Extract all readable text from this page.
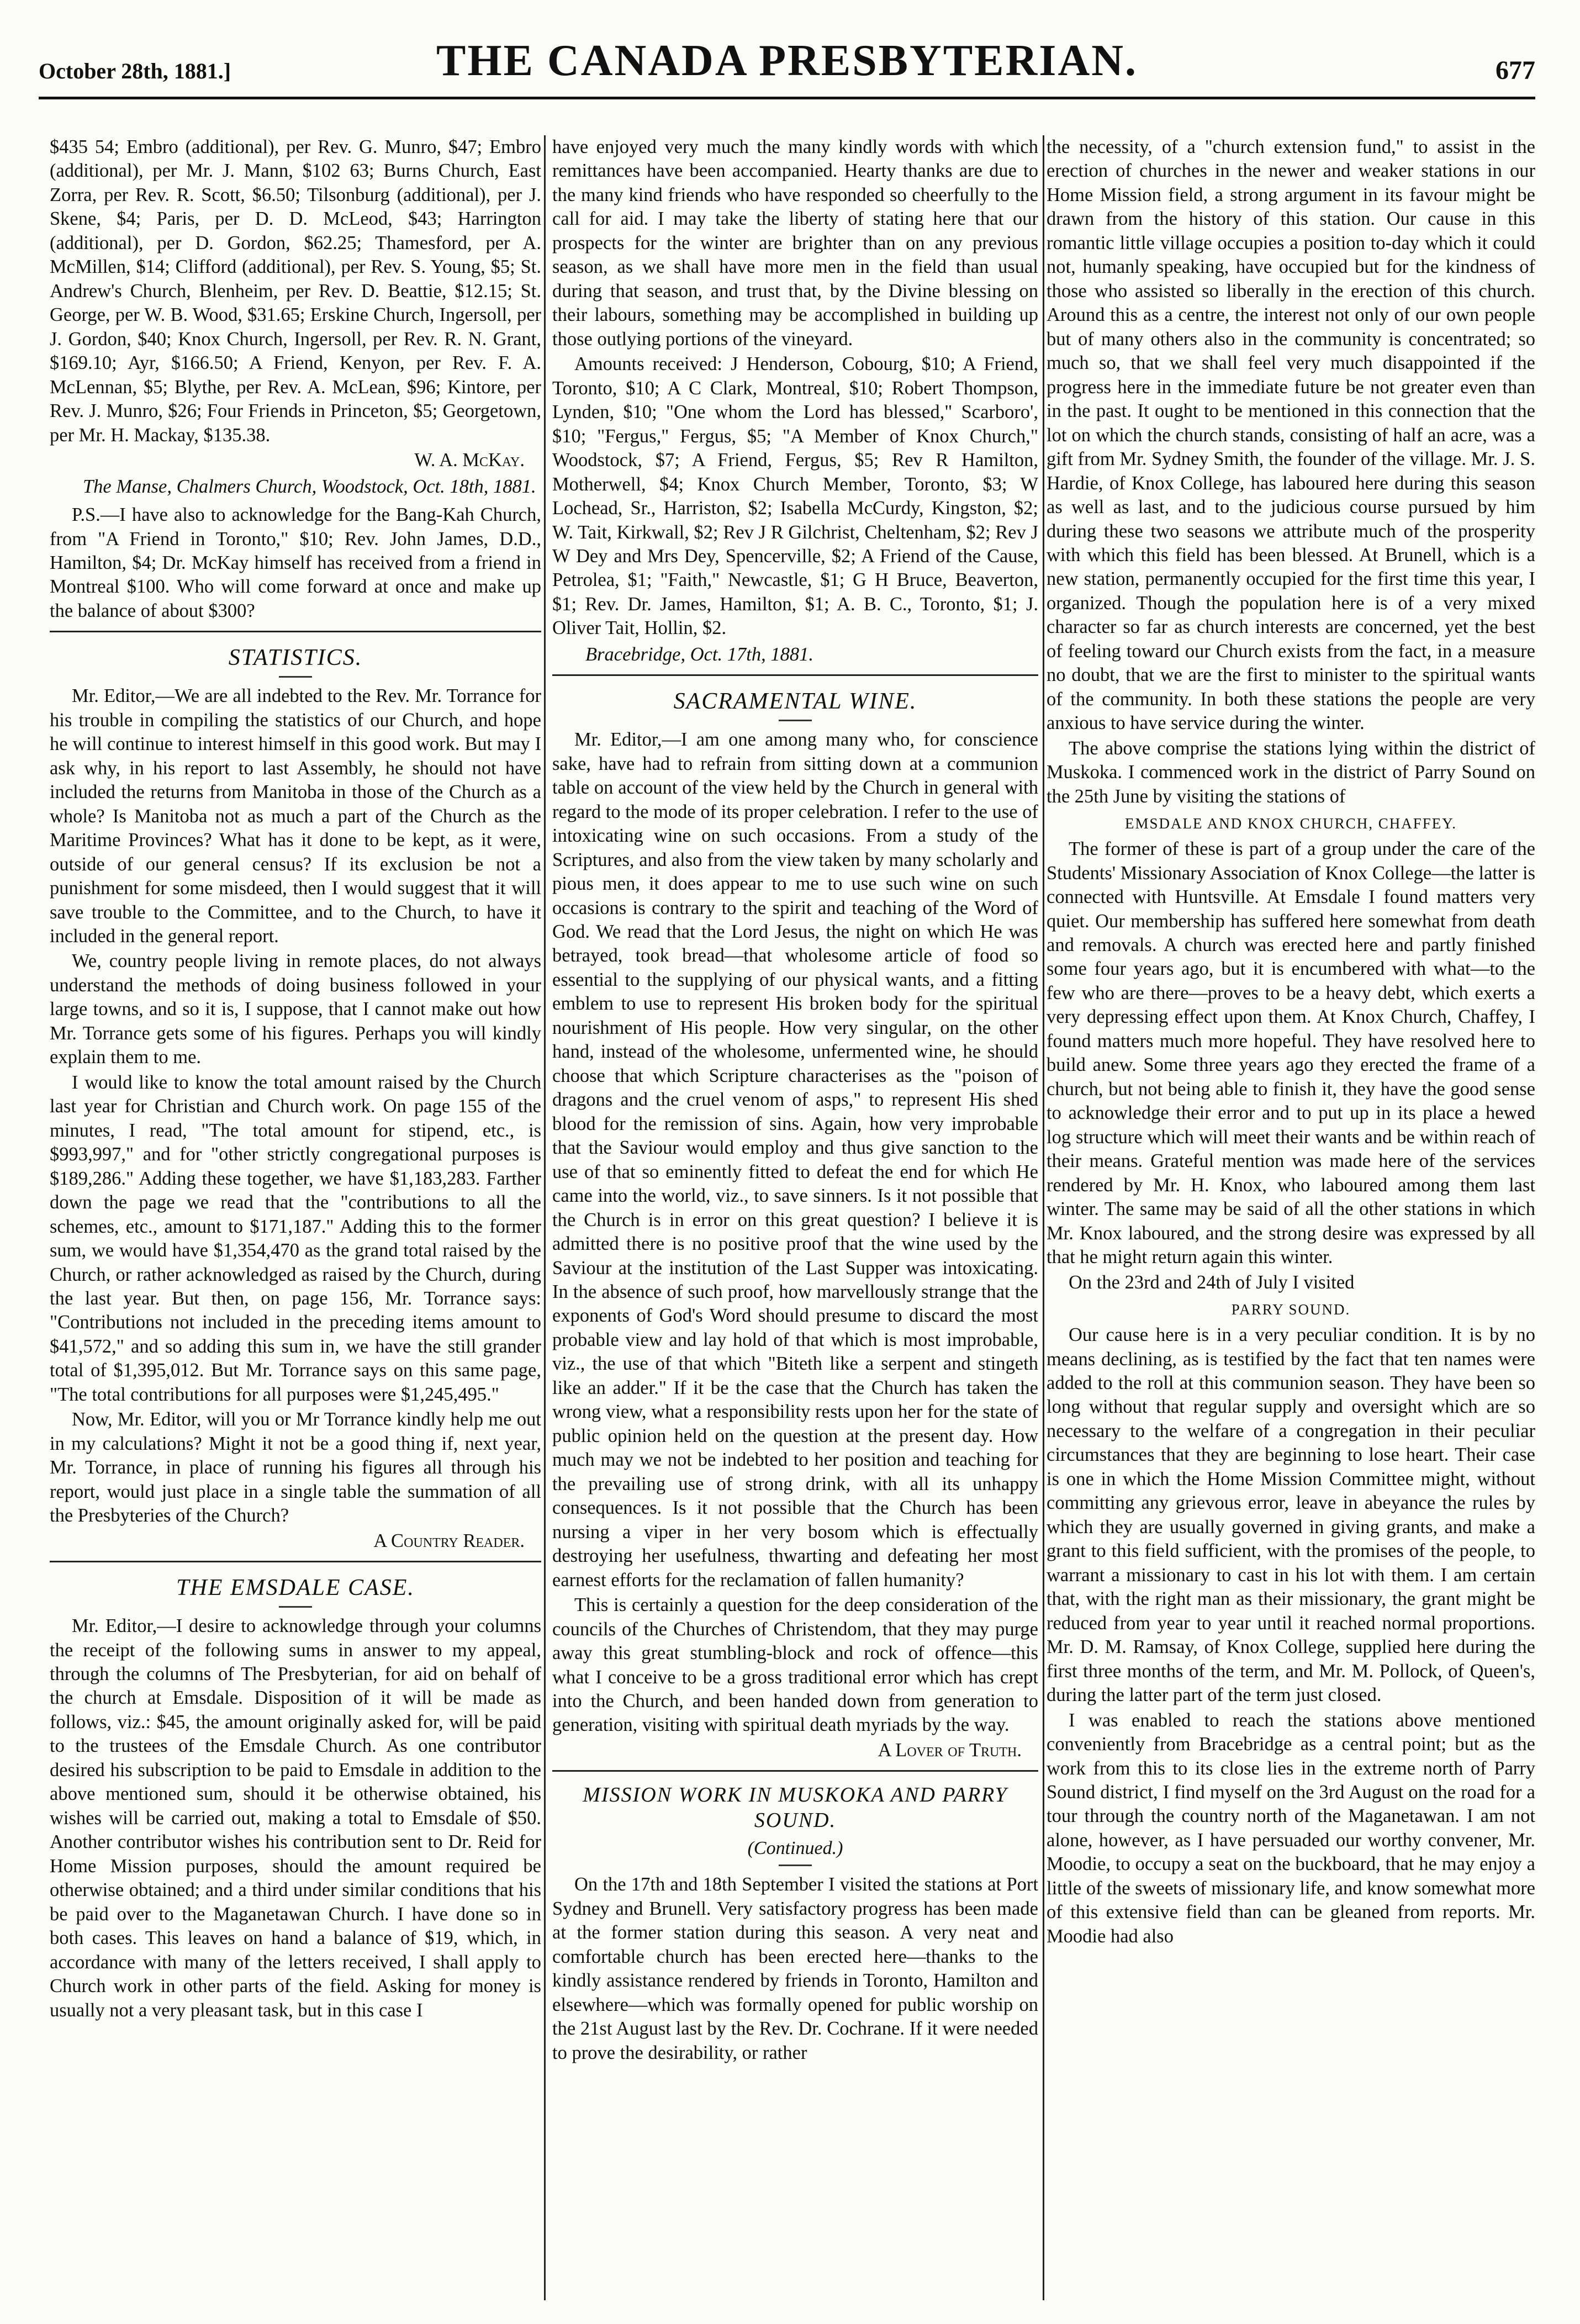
October 28th, 1881.]	THE CANADA PRESBYTERIAN.	677

$435 54; Embro (additional), per Rev. G. Munro, $47; Embro (additional), per Mr. J. Mann, $102 63; Burns Church, East Zorra, per Rev. R. Scott, $6.50; Tilsonburg (additional), per J. Skene, $4; Paris, per D. D. McLeod, $43; Harrington (additional), per D. Gordon, $62.25; Thamesford, per A. McMillen, $14; Clifford (additional), per Rev. S. Young, $5; St. Andrew's Church, Blenheim, per Rev. D. Beattie, $12.15; St. George, per W. B. Wood, $31.65; Erskine Church, Ingersoll, per J. Gordon, $40; Knox Church, Ingersoll, per Rev. R. N. Grant, $169.10; Ayr, $166.50; A Friend, Kenyon, per Rev. F. A. McLennan, $5; Blythe, per Rev. A. McLean, $96; Kintore, per Rev. J. Munro, $26; Four Friends in Princeton, $5; Georgetown, per Mr. H. Mackay, $135.38.

W. A. McKay.
The Manse, Chalmers Church, Woodstock, Oct. 18th, 1881.

P.S.—I have also to acknowledge for the Bang-Kah Church, from "A Friend in Toronto," $10; Rev. John James, D.D., Hamilton, $4; Dr. McKay himself has received from a friend in Montreal $100. Who will come forward at once and make up the balance of about $300?

STATISTICS.

Mr. Editor,—We are all indebted to the Rev. Mr. Torrance for his trouble in compiling the statistics of our Church, and hope he will continue to interest himself in this good work. But may I ask why, in his report to last Assembly, he should not have included the returns from Manitoba in those of the Church as a whole? Is Manitoba not as much a part of the Church as the Maritime Provinces? What has it done to be kept, as it were, outside of our general census? If its exclusion be not a punishment for some misdeed, then I would suggest that it will save trouble to the Committee, and to the Church, to have it included in the general report.

We, country people living in remote places, do not always understand the methods of doing business followed in your large towns, and so it is, I suppose, that I cannot make out how Mr. Torrance gets some of his figures. Perhaps you will kindly explain them to me.

I would like to know the total amount raised by the Church last year for Christian and Church work. On page 155 of the minutes, I read, "The total amount for stipend, etc., is $993,997," and for "other strictly congregational purposes is $189,286." Adding these together, we have $1,183,283. Farther down the page we read that the "contributions to all the schemes, etc., amount to $171,187." Adding this to the former sum, we would have $1,354,470 as the grand total raised by the Church, or rather acknowledged as raised by the Church, during the last year. But then, on page 156, Mr. Torrance says: "Contributions not included in the preceding items amount to $41,572," and so adding this sum in, we have the still grander total of $1,395,012. But Mr. Torrance says on this same page, "The total contributions for all purposes were $1,245,495."

Now, Mr. Editor, will you or Mr Torrance kindly help me out in my calculations? Might it not be a good thing if, next year, Mr. Torrance, in place of running his figures all through his report, would just place in a single table the summation of all the Presbyteries of the Church?

A Country Reader.
THE EMSDALE CASE.

Mr. Editor,—I desire to acknowledge through your columns the receipt of the following sums in answer to my appeal, through the columns of The Presbyterian, for aid on behalf of the church at Emsdale. Disposition of it will be made as follows, viz.: $45, the amount originally asked for, will be paid to the trustees of the Emsdale Church. As one contributor desired his subscription to be paid to Emsdale in addition to the above mentioned sum, should it be otherwise obtained, his wishes will be carried out, making a total to Emsdale of $50. Another contributor wishes his contribution sent to Dr. Reid for Home Mission purposes, should the amount required be otherwise obtained; and a third under similar conditions that his be paid over to the Maganetawan Church. I have done so in both cases. This leaves on hand a balance of $19, which, in accordance with many of the letters received, I shall apply to Church work in other parts of the field. Asking for money is usually not a very pleasant task, but in this case I

have enjoyed very much the many kindly words with which remittances have been accompanied. Hearty thanks are due to the many kind friends who have responded so cheerfully to the call for aid. I may take the liberty of stating here that our prospects for the winter are brighter than on any previous season, as we shall have more men in the field than usual during that season, and trust that, by the Divine blessing on their labours, something may be accomplished in building up those outlying portions of the vineyard.

Amounts received: J Henderson, Cobourg, $10; A Friend, Toronto, $10; A C Clark, Montreal, $10; Robert Thompson, Lynden, $10; "One whom the Lord has blessed," Scarboro', $10; "Fergus," Fergus, $5; "A Member of Knox Church," Woodstock, $7; A Friend, Fergus, $5; Rev R Hamilton, Motherwell, $4; Knox Church Member, Toronto, $3; W Lochead, Sr., Harriston, $2; Isabella McCurdy, Kingston, $2; W. Tait, Kirkwall, $2; Rev J R Gilchrist, Cheltenham, $2; Rev J W Dey and Mrs Dey, Spencerville, $2; A Friend of the Cause, Petrolea, $1; "Faith," Newcastle, $1; G H Bruce, Beaverton, $1; Rev. Dr. James, Hamilton, $1; A. B. C., Toronto, $1; J. Oliver Tait, Hollin, $2.

Bracebridge, Oct. 17th, 1881.
SACRAMENTAL WINE.

Mr. Editor,—I am one among many who, for conscience sake, have had to refrain from sitting down at a communion table on account of the view held by the Church in general with regard to the mode of its proper celebration. I refer to the use of intoxicating wine on such occasions. From a study of the Scriptures, and also from the view taken by many scholarly and pious men, it does appear to me to use such wine on such occasions is contrary to the spirit and teaching of the Word of God. We read that the Lord Jesus, the night on which He was betrayed, took bread—that wholesome article of food so essential to the supplying of our physical wants, and a fitting emblem to use to represent His broken body for the spiritual nourishment of His people. How very singular, on the other hand, instead of the wholesome, unfermented wine, he should choose that which Scripture characterises as the "poison of dragons and the cruel venom of asps," to represent His shed blood for the remission of sins. Again, how very improbable that the Saviour would employ and thus give sanction to the use of that so eminently fitted to defeat the end for which He came into the world, viz., to save sinners. Is it not possible that the Church is in error on this great question? I believe it is admitted there is no positive proof that the wine used by the Saviour at the institution of the Last Supper was intoxicating. In the absence of such proof, how marvellously strange that the exponents of God's Word should presume to discard the most probable view and lay hold of that which is most improbable, viz., the use of that which "Biteth like a serpent and stingeth like an adder." If it be the case that the Church has taken the wrong view, what a responsibility rests upon her for the state of public opinion held on the question at the present day. How much may we not be indebted to her position and teaching for the prevailing use of strong drink, with all its unhappy consequences. Is it not possible that the Church has been nursing a viper in her very bosom which is effectually destroying her usefulness, thwarting and defeating her most earnest efforts for the reclamation of fallen humanity?

This is certainly a question for the deep consideration of the councils of the Churches of Christendom, that they may purge away this great stumbling-block and rock of offence—this what I conceive to be a gross traditional error which has crept into the Church, and been handed down from generation to generation, visiting with spiritual death myriads by the way.

A Lover of Truth.
MISSION WORK IN MUSKOKA AND PARRY SOUND.
(Continued.)

On the 17th and 18th September I visited the stations at Port Sydney and Brunell. Very satisfactory progress has been made at the former station during this season. A very neat and comfortable church has been erected here—thanks to the kindly assistance rendered by friends in Toronto, Hamilton and elsewhere—which was formally opened for public worship on the 21st August last by the Rev. Dr. Cochrane. If it were needed to prove the desirability, or rather

the necessity, of a "church extension fund," to assist in the erection of churches in the newer and weaker stations in our Home Mission field, a strong argument in its favour might be drawn from the history of this station. Our cause in this romantic little village occupies a position to-day which it could not, humanly speaking, have occupied but for the kindness of those who assisted so liberally in the erection of this church. Around this as a centre, the interest not only of our own people but of many others also in the community is concentrated; so much so, that we shall feel very much disappointed if the progress here in the immediate future be not greater even than in the past. It ought to be mentioned in this connection that the lot on which the church stands, consisting of half an acre, was a gift from Mr. Sydney Smith, the founder of the village. Mr. J. S. Hardie, of Knox College, has laboured here during this season as well as last, and to the judicious course pursued by him during these two seasons we attribute much of the prosperity with which this field has been blessed. At Brunell, which is a new station, permanently occupied for the first time this year, I organized. Though the population here is of a very mixed character so far as church interests are concerned, yet the best of feeling toward our Church exists from the fact, in a measure no doubt, that we are the first to minister to the spiritual wants of the community. In both these stations the people are very anxious to have service during the winter.

The above comprise the stations lying within the district of Muskoka. I commenced work in the district of Parry Sound on the 25th June by visiting the stations of

EMSDALE AND KNOX CHURCH, CHAFFEY.

The former of these is part of a group under the care of the Students' Missionary Association of Knox College—the latter is connected with Huntsville. At Emsdale I found matters very quiet. Our membership has suffered here somewhat from death and removals. A church was erected here and partly finished some four years ago, but it is encumbered with what—to the few who are there—proves to be a heavy debt, which exerts a very depressing effect upon them. At Knox Church, Chaffey, I found matters much more hopeful. They have resolved here to build anew. Some three years ago they erected the frame of a church, but not being able to finish it, they have the good sense to acknowledge their error and to put up in its place a hewed log structure which will meet their wants and be within reach of their means. Grateful mention was made here of the services rendered by Mr. H. Knox, who laboured among them last winter. The same may be said of all the other stations in which Mr. Knox laboured, and the strong desire was expressed by all that he might return again this winter.

On the 23rd and 24th of July I visited

PARRY SOUND.

Our cause here is in a very peculiar condition. It is by no means declining, as is testified by the fact that ten names were added to the roll at this communion season. They have been so long without that regular supply and oversight which are so necessary to the welfare of a congregation in their peculiar circumstances that they are beginning to lose heart. Their case is one in which the Home Mission Committee might, without committing any grievous error, leave in abeyance the rules by which they are usually governed in giving grants, and make a grant to this field sufficient, with the promises of the people, to warrant a missionary to cast in his lot with them. I am certain that, with the right man as their missionary, the grant might be reduced from year to year until it reached normal proportions. Mr. D. M. Ramsay, of Knox College, supplied here during the first three months of the term, and Mr. M. Pollock, of Queen's, during the latter part of the term just closed.

I was enabled to reach the stations above mentioned conveniently from Bracebridge as a central point; but as the work from this to its close lies in the extreme north of Parry Sound district, I find myself on the 3rd August on the road for a tour through the country north of the Maganetawan. I am not alone, however, as I have persuaded our worthy convener, Mr. Moodie, to occupy a seat on the buckboard, that he may enjoy a little of the sweets of missionary life, and know somewhat more of this extensive field than can be gleaned from reports. Mr. Moodie had also
